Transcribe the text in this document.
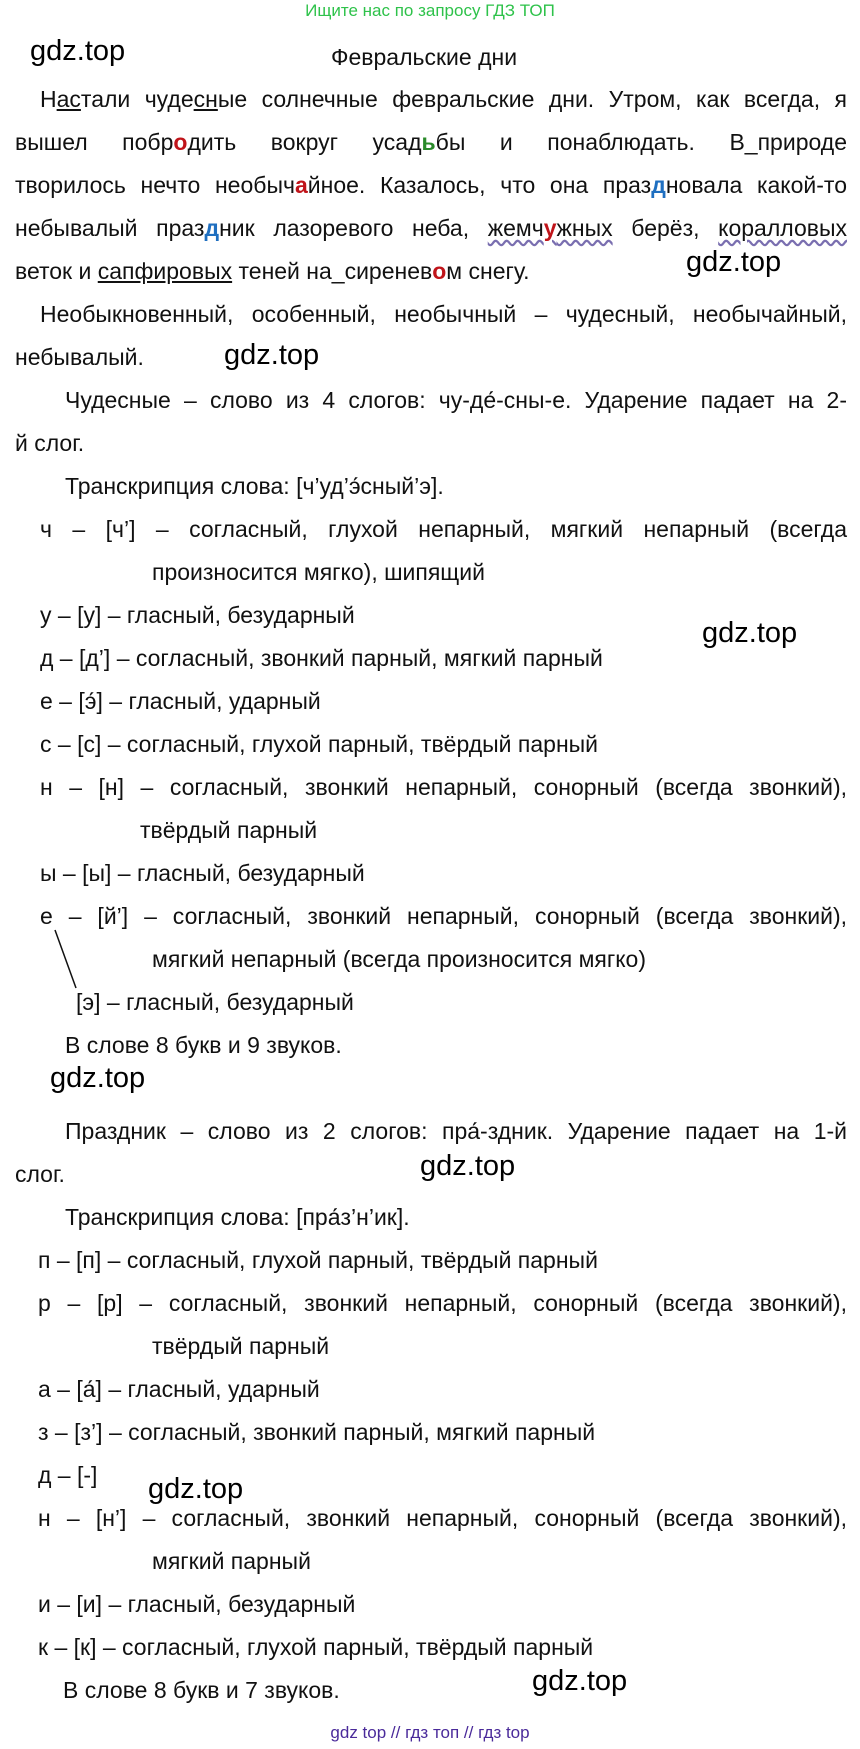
Ищите нас по запросу ГДЗ ТОП
gdz top // гдз топ // гдз top
gdz.top
gdz.top
gdz.top
gdz.top
gdz.top
gdz.top
gdz.top
gdz.top
Февральские дни
Настали чудесные солнечные февральские дни. Утром, как всегда, я
вышел побродить вокруг усадьбы и понаблюдать. В_природе
творилось нечто необычайное. Казалось, что она праздновала какой-то
небывалый праздник лазоревого неба, жемчужных берёз, коралловых
веток и сапфировых теней на_сиреневом снегу.
Необыкновенный, особенный, необычный – чудесный, необычайный,
небывалый.
Чудесные – слово из 4 слогов: чу-де́-сны-е. Ударение падает на 2-
й слог.
Транскрипция слова: [ч’уд’э́сный’э].
ч – [ч’] – согласный, глухой непарный, мягкий непарный (всегда
произносится мягко), шипящий
у – [у] – гласный, безударный
д – [д’] – согласный, звонкий парный, мягкий парный
е – [э́] – гласный, ударный
с – [с] – согласный, глухой парный, твёрдый парный
н – [н] – согласный, звонкий непарный, сонорный (всегда звонкий),
твёрдый парный
ы – [ы] – гласный, безударный
е – [й’] – согласный, звонкий непарный, сонорный (всегда звонкий),
мягкий непарный (всегда произносится мягко)
[э] – гласный, безударный
В слове 8 букв и 9 звуков.
Праздник – слово из 2 слогов: пра́-здник. Ударение падает на 1-й
слог.
Транскрипция слова: [пра́з’н’ик].
п – [п] – согласный, глухой парный, твёрдый парный
р – [р] – согласный, звонкий непарный, сонорный (всегда звонкий),
твёрдый парный
а – [а́] – гласный, ударный
з – [з’] – согласный, звонкий парный, мягкий парный
д – [-]
н – [н’] – согласный, звонкий непарный, сонорный (всегда звонкий),
мягкий парный
и – [и] – гласный, безударный
к – [к] – согласный, глухой парный, твёрдый парный
В слове 8 букв и 7 звуков.
